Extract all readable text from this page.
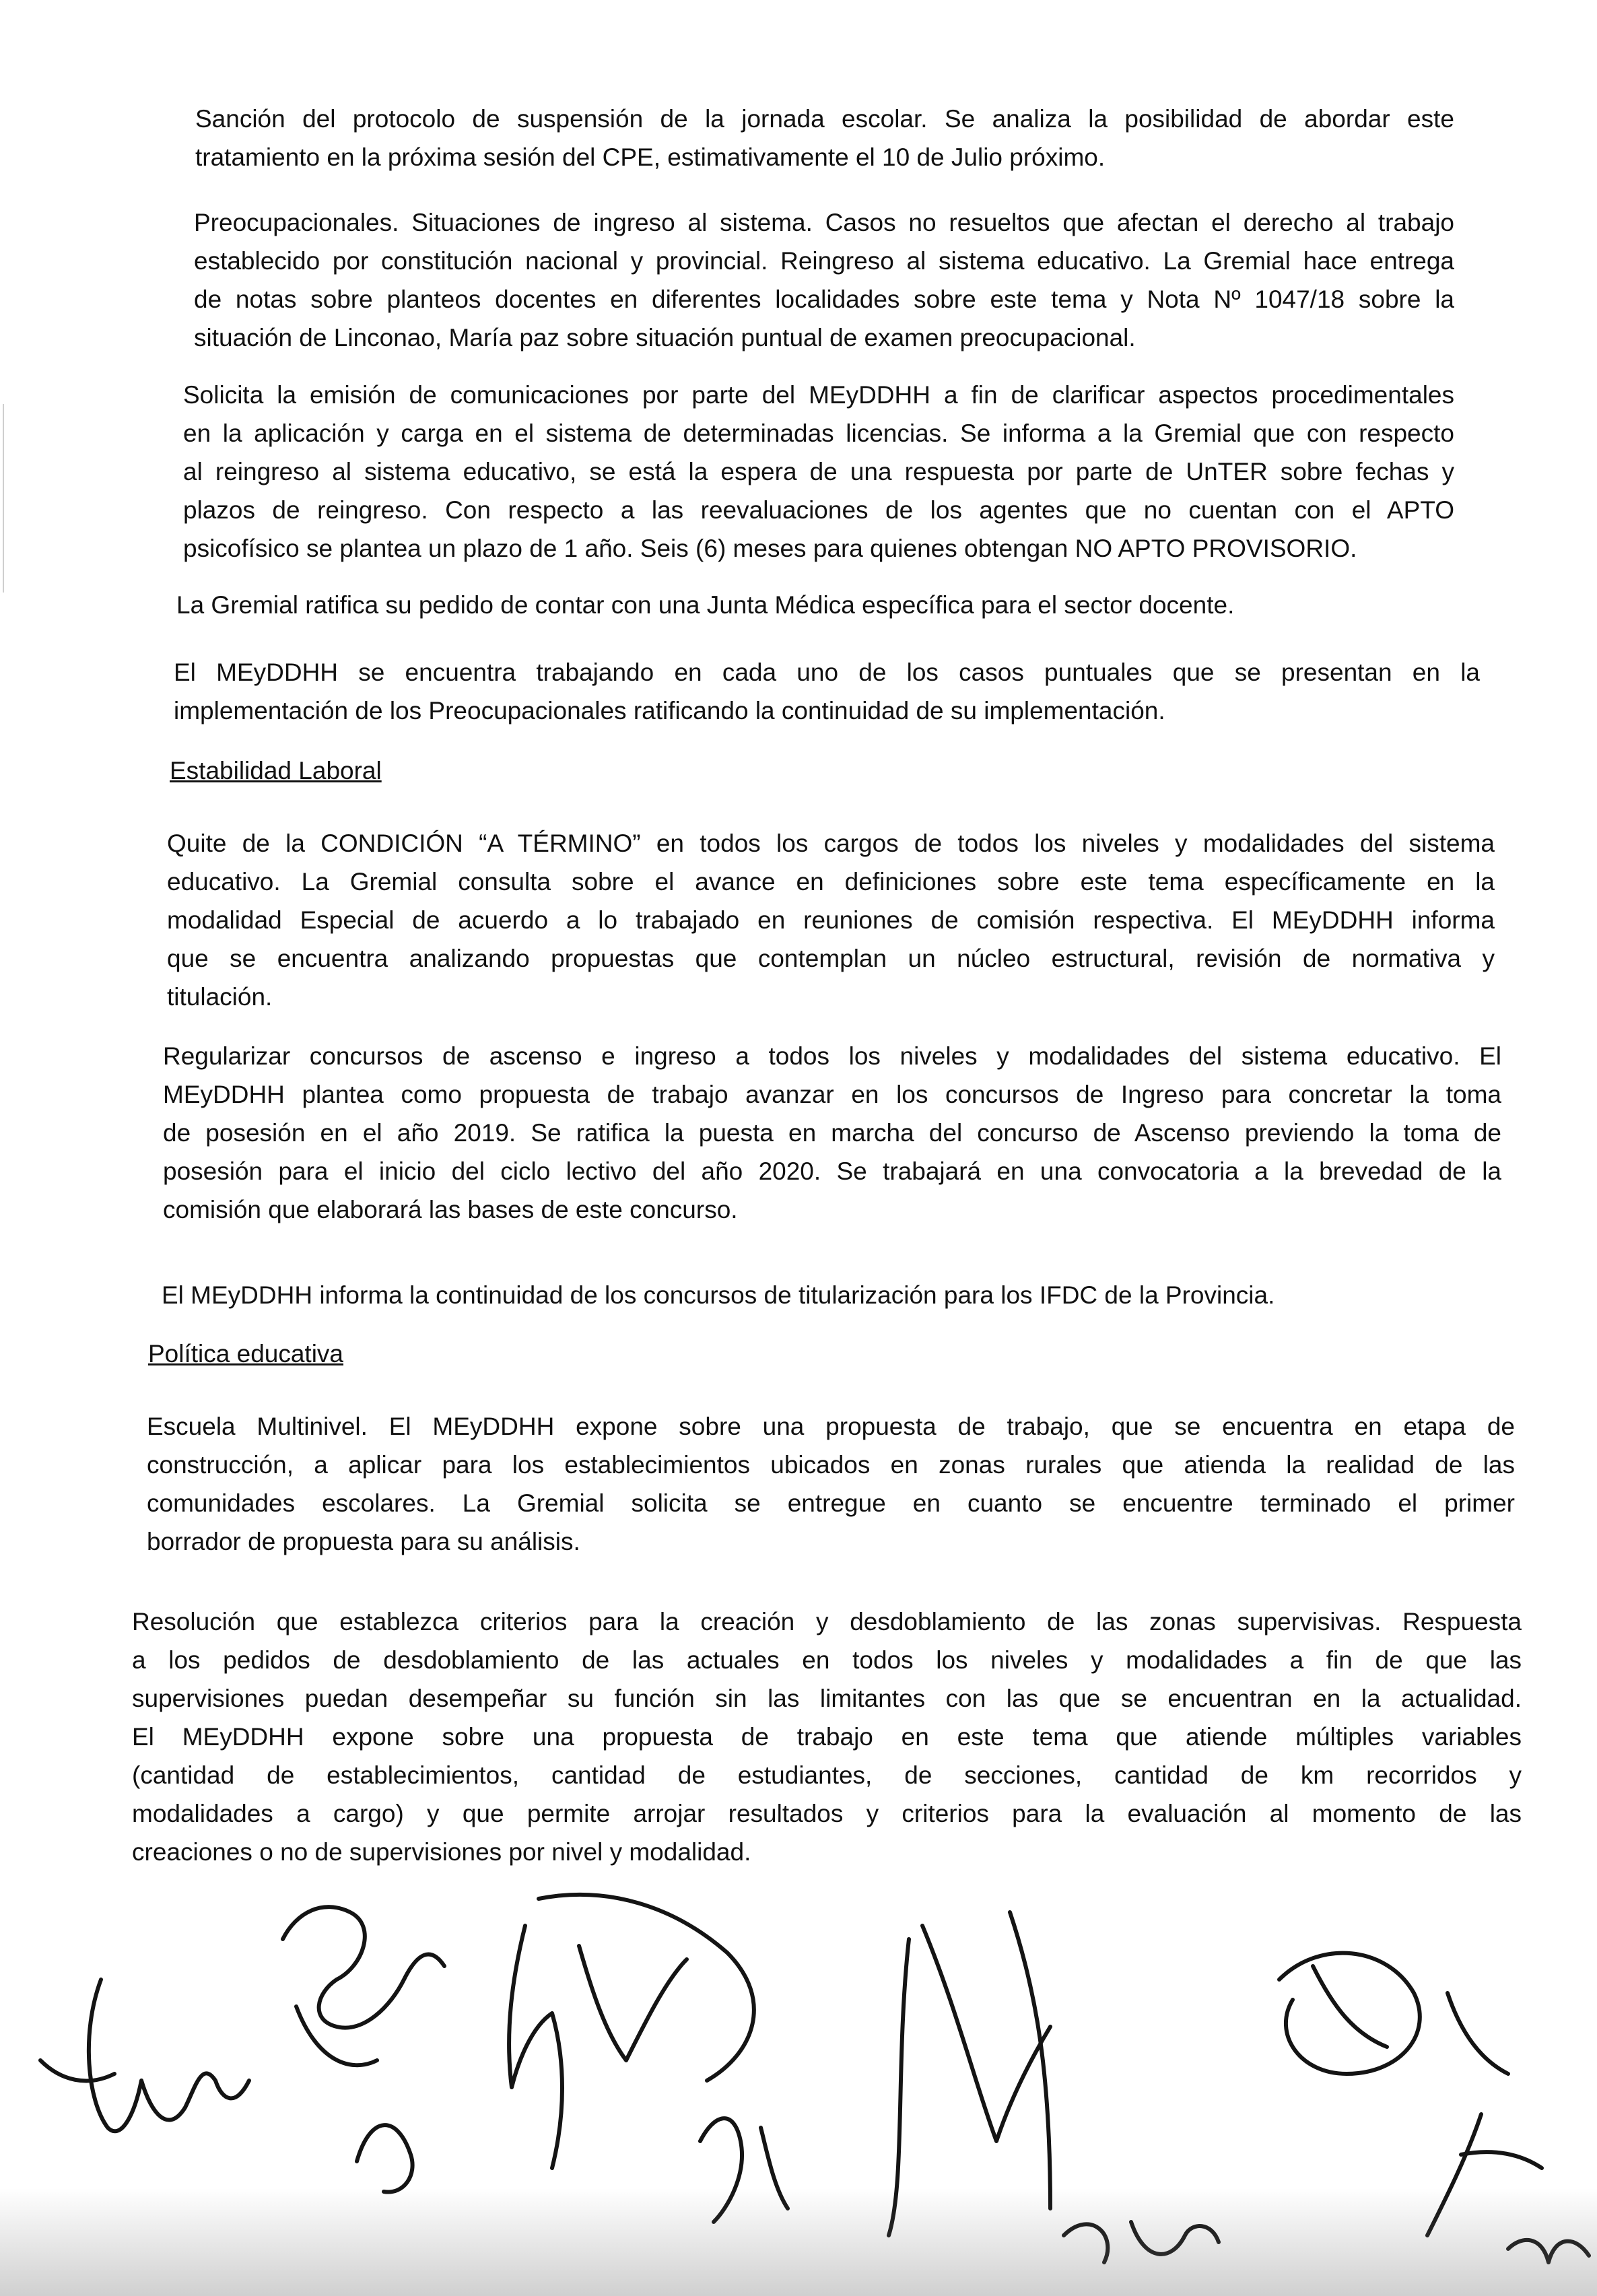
Sanción del protocolo de suspensión de la jornada escolar. Se analiza la posibilidad de abordar este
tratamiento en la próxima sesión del CPE, estimativamente el 10 de Julio próximo.
Preocupacionales. Situaciones de ingreso al sistema. Casos no resueltos que afectan el derecho al trabajo
establecido por constitución nacional y provincial. Reingreso al sistema educativo. La Gremial hace entrega
de notas sobre planteos docentes en diferentes localidades sobre este tema y Nota Nº 1047/18 sobre la
situación de Linconao, María paz sobre situación puntual de examen preocupacional.
Solicita la emisión de comunicaciones por parte del MEyDDHH a fin de clarificar aspectos procedimentales
en la aplicación y carga en el sistema de determinadas licencias. Se informa a la Gremial que con respecto
al reingreso al sistema educativo, se está la espera de una respuesta por parte de UnTER sobre fechas y
plazos de reingreso. Con respecto a las reevaluaciones de los agentes que no cuentan con el APTO
psicofísico se plantea un plazo de 1 año. Seis (6) meses para quienes obtengan NO APTO PROVISORIO.
La Gremial ratifica su pedido de contar con una Junta Médica específica para el sector docente.
El MEyDDHH se encuentra trabajando en cada uno de los casos puntuales que se presentan en la
implementación de los Preocupacionales ratificando la continuidad de su implementación.
Estabilidad Laboral
Quite de la CONDICIÓN “A TÉRMINO” en todos los cargos de todos los niveles y modalidades del sistema
educativo. La Gremial consulta sobre el avance en definiciones sobre este tema específicamente en la
modalidad Especial de acuerdo a lo trabajado en reuniones de comisión respectiva. El MEyDDHH informa
que se encuentra analizando propuestas que contemplan un núcleo estructural, revisión de normativa y
titulación.
Regularizar concursos de ascenso e ingreso a todos los niveles y modalidades del sistema educativo. El
MEyDDHH plantea como propuesta de trabajo avanzar en los concursos de Ingreso para concretar la toma
de posesión en el año 2019. Se ratifica la puesta en marcha del concurso de Ascenso previendo la toma de
posesión para el inicio del ciclo lectivo del año 2020. Se trabajará en una convocatoria a la brevedad de la
comisión que elaborará las bases de este concurso.
El MEyDDHH informa la continuidad de los concursos de titularización para los IFDC de la Provincia.
Política educativa
Escuela Multinivel. El MEyDDHH expone sobre una propuesta de trabajo, que se encuentra en etapa de
construcción, a aplicar para los establecimientos ubicados en zonas rurales que atienda la realidad de las
comunidades escolares. La Gremial solicita se entregue en cuanto se encuentre terminado el primer
borrador de propuesta para su análisis.
Resolución que establezca criterios para la creación y desdoblamiento de las zonas supervisivas. Respuesta
a los pedidos de desdoblamiento de las actuales en todos los niveles y modalidades a fin de que las
supervisiones puedan desempeñar su función sin las limitantes con las que se encuentran en la actualidad.
El MEyDDHH expone sobre una propuesta de trabajo en este tema que atiende múltiples variables
(cantidad de establecimientos, cantidad de estudiantes, de secciones, cantidad de km recorridos y
modalidades a cargo) y que permite arrojar resultados y criterios para la evaluación al momento de las
creaciones o no de supervisiones por nivel y modalidad.
